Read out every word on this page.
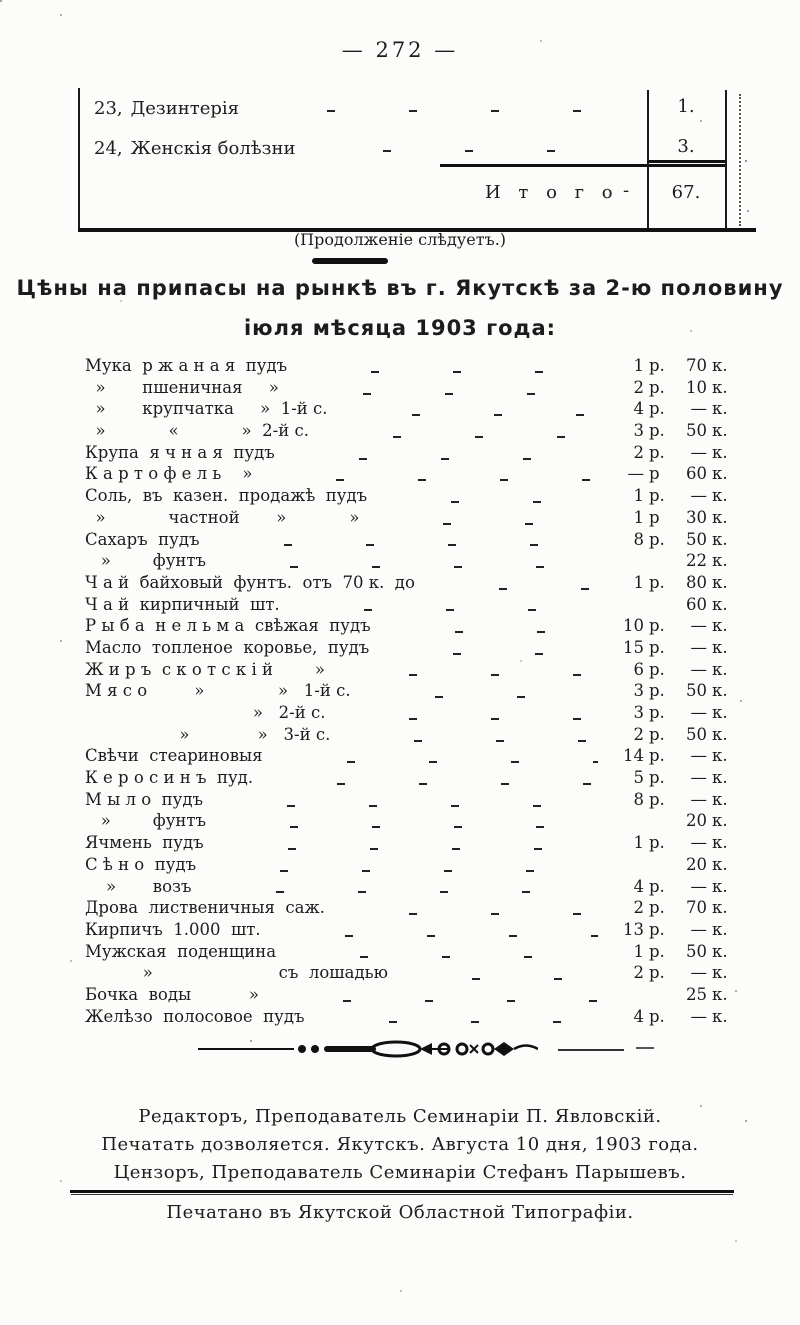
— 272 —
23, Дезинтерія	1.
24, Женскія болѣзни	3.
И т о г о -	67.
(Продолженіе слѣдуетъ.)
Цѣны на припасы на рынкѣ въ г. Якутскѣ за 2-ю половину
іюля мѣсяца 1903 года:
Мука  р ж а н а я  пудъ	1 р.	70 к.
»       пшеничная     »	2 р.	10 к.
»       крупчатка     »  1-й с.	4 р.	— к.
»            «            »  2-й с.	3 р.	50 к.
Крупа  я ч н а я  пудъ	2 р.	— к.
К а р т о ф е л ь    »	— р	60 к.
Соль,  въ  казен.  продажѣ  пудъ	1 р.	— к.
»            частной       »            »	1 р	30 к.
Сахаръ  пудъ	8 р.	50 к.
»        фунтъ	22 к.
Ч а й  байховый  фунтъ.  отъ  70 к.  до	1 р.	80 к.
Ч а й  кирпичный  шт.	60 к.
Р ы б а  н е л ь м а  свѣжая  пудъ	10 р.	— к.
Масло  топленое  коровье,  пудъ	15 р.	— к.
Ж и р ъ  с к о т с к і й        »	6 р.	— к.
М я с о         »              »   1-й с.	3 р.	50 к.
»   2-й с.	3 р.	— к.
»             »   3-й с.	2 р.	50 к.
Свѣчи  стеариновыя	14 р.	— к.
К е р о с и н ъ  пуд.	5 р.	— к.
М ы л о  пудъ	8 р.	— к.
»        фунтъ	20 к.
Ячмень  пудъ	1 р.	— к.
С ѣ н о  пудъ	20 к.
»       возъ	4 р.	— к.
Дрова  лиственичныя  саж.	2 р.	70 к.
Кирпичъ  1.000  шт.	13 р.	— к.
Мужская  поденщина	1 р.	50 к.
»                        съ  лошадью	2 р.	— к.
Бочка  воды           »	25 к.
Желѣзо  полосовое  пудъ	4 р.	— к.
Редакторъ, Преподаватель Семинаріи П. Явловскій.
Печатать дозволяется. Якутскъ. Августа 10 дня, 1903 года.
Цензоръ, Преподаватель Семинаріи Стефанъ Парышевъ.
Печатано въ Якутской Областной Типографіи.
